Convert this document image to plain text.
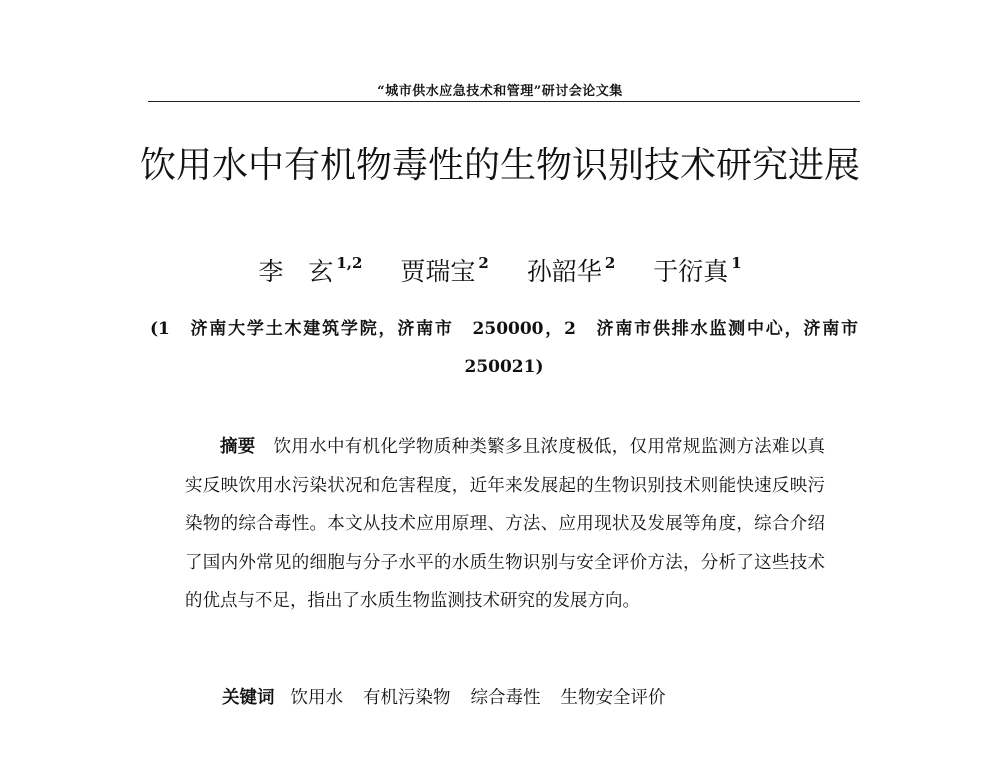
“城市供水应急技术和管理”研讨会论文集
饮用水中有机物毒性的生物识别技术研究进展
李　玄 $^{1,2}$ 贾瑞宝 $^2$ 孙韶华 $^2$ 于衍真 $^1$
(1　济南大学土木建筑学院，济南市　250000，2　济南市供排水监测中心，济南市　250021)

摘要 饮用水中有机化学物质种类繁多且浓度极低，仅用常规监测方法难以真实反映饮用水污染状况和危害程度，近年来发展起的生物识别技术则能快速反映污染物的综合毒性。本文从技术应用原理、方法、应用现状及发展等角度，综合介绍了国内外常见的细胞与分子水平的水质生物识别与安全评价方法，分析了这些技术的优点与不足，指出了水质生物监测技术研究的发展方向。

关键词 饮用水 有机污染物 综合毒性 生物安全评价
